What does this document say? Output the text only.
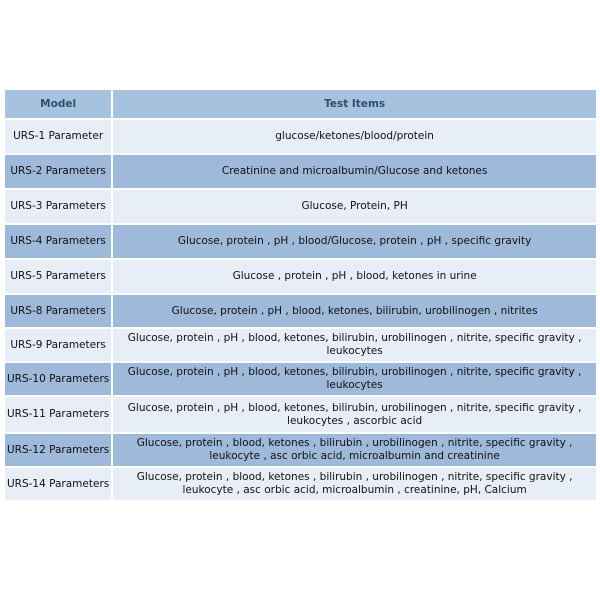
Model	Test Items
URS-1 Parameter	glucose/ketones/blood/protein
URS-2 Parameters	Creatinine and microalbumin/Glucose and ketones
URS-3 Parameters	Glucose, Protein, PH
URS-4 Parameters	Glucose, protein , pH , blood/Glucose, protein , pH , specific gravity
URS-5 Parameters	Glucose , protein , pH , blood, ketones in urine
URS-8 Parameters	Glucose, protein , pH , blood, ketones, bilirubin, urobilinogen , nitrites
URS-9 Parameters	Glucose, protein , pH , blood, ketones, bilirubin, urobilinogen , nitrite, specific gravity , leukocytes
URS-10 Parameters	Glucose, protein , pH , blood, ketones, bilirubin, urobilinogen , nitrite, specific gravity , leukocytes
URS-11 Parameters	Glucose, protein , pH , blood, ketones, bilirubin, urobilinogen , nitrite, specific gravity , leukocytes , ascorbic acid
URS-12 Parameters	Glucose, protein , blood, ketones , bilirubin , urobilinogen , nitrite, specific gravity , leukocyte , asc orbic acid, microalbumin and creatinine
URS-14 Parameters	Glucose, protein , blood, ketones , bilirubin , urobilinogen , nitrite, specific gravity , leukocyte , asc orbic acid, microalbumin , creatinine, pH, Calcium
